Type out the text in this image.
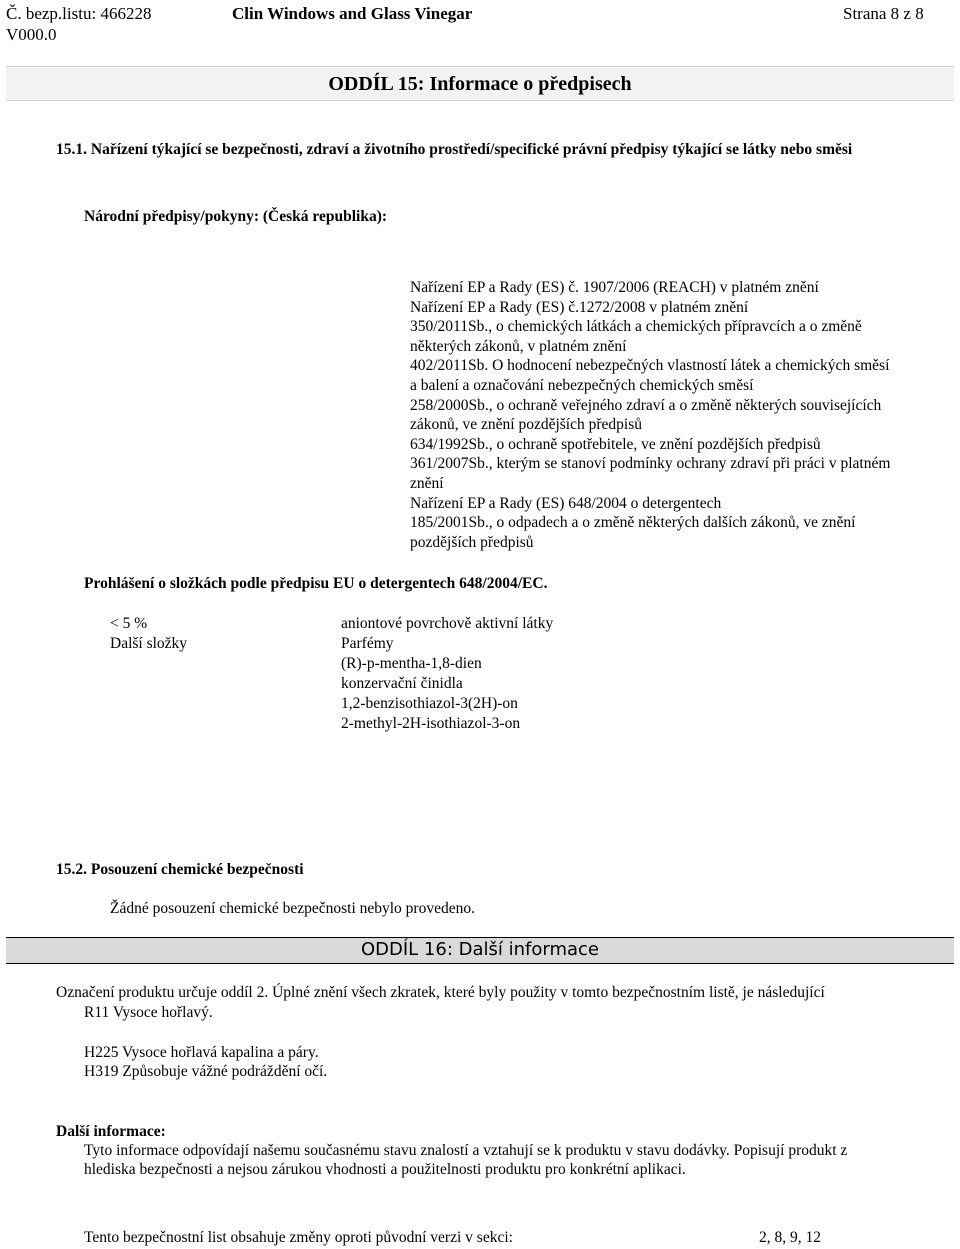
Č. bezp.listu: 466228
V000.0
Clin Windows and Glass Vinegar	Strana 8 z 8
ODDÍL 15: Informace o předpisech
15.1. Nařízení týkající se bezpečnosti, zdraví a životního prostředí/specifické právní předpisy týkající se látky nebo směsi
Národní předpisy/pokyny: (Česká republika):
Nařízení EP a Rady (ES) č. 1907/2006 (REACH) v platném znění
Nařízení EP a Rady (ES) č.1272/2008 v platném znění
350/2011Sb., o chemických látkách a chemických přípravcích a o změně
některých zákonů, v platném znění
402/2011Sb. O hodnocení nebezpečných vlastností látek a chemických směsí
a balení a označování nebezpečných chemických směsí
258/2000Sb., o ochraně veřejného zdraví a o změně některých souvisejících
zákonů, ve znění pozdějších předpisů
634/1992Sb., o ochraně spotřebitele, ve znění pozdějších předpisů
361/2007Sb., kterým se stanoví podmínky ochrany zdraví při práci v platném
znění
Nařízení EP a Rady (ES) 648/2004 o detergentech
185/2001Sb., o odpadech a o změně některých dalších zákonů, ve znění
pozdějších předpisů
Prohlášení o složkách podle předpisu EU o detergentech 648/2004/EC.
< 5 %
Další složky
aniontové povrchově aktivní látky
Parfémy
(R)-p-mentha-1,8-dien
konzervační činidla
1,2-benzisothiazol-3(2H)-on
2-methyl-2H-isothiazol-3-on
15.2. Posouzení chemické bezpečnosti
Žádné posouzení chemické bezpečnosti nebylo provedeno.
ODDÍL 16: Další informace
Označení produktu určuje oddíl 2. Úplné znění všech zkratek, které byly použity v tomto bezpečnostním listě, je následující
R11 Vysoce hořlavý.
H225 Vysoce hořlavá kapalina a páry.
H319 Způsobuje vážné podráždění očí.
Další informace:
Tyto informace odpovídají našemu současnému stavu znalostí a vztahují se k produktu v stavu dodávky. Popisují produkt z
hlediska bezpečnosti a nejsou zárukou vhodnosti a použitelnosti produktu pro konkrétní aplikaci.
Tento bezpečnostní list obsahuje změny oproti původní verzi v sekci:	2, 8, 9, 12
